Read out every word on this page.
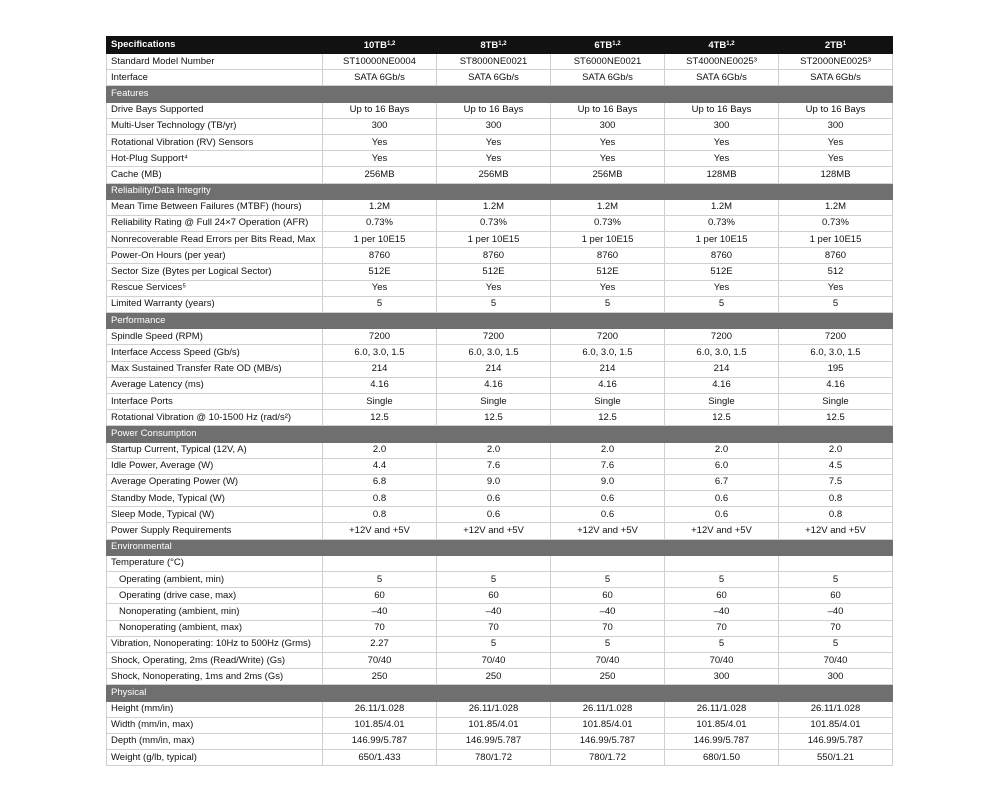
Specifications	10TB$^{1,2}$	8TB$^{1,2}$	6TB$^{1,2}$	4TB$^{1,2}$	$2TB^1$
Standard Model Number	ST10000NE0004	ST8000NE0021	ST6000NE0021	ST4000NE0025³	ST2000NE0025³
Interface	SATA 6Gb/s	SATA 6Gb/s	SATA 6Gb/s	SATA 6Gb/s	SATA 6Gb/s
Features					
Drive Bays Supported	Up to 16 Bays	Up to 16 Bays	Up to 16 Bays	Up to 16 Bays	Up to 16 Bays
Multi-User Technology (TB/yr)	300	300	300	300	300
Rotational Vibration (RV) Sensors	Yes	Yes	Yes	Yes	Yes
Hot-Plug Support⁴	Yes	Yes	Yes	Yes	Yes
Cache (MB)	256MB	256MB	256MB	128MB	128MB
Reliability/Data Integrity					
Mean Time Between Failures (MTBF) (hours)	1.2M	1.2M	1.2M	1.2M	1.2M
Reliability Rating @ Full 24×7 Operation (AFR)	0.73%	0.73%	0.73%	0.73%	0.73%
Nonrecoverable Read Errors per Bits Read, Max	1 per 10E15	1 per 10E15	1 per 10E15	1 per 10E15	1 per 10E15
Power-On Hours (per year)	8760	8760	8760	8760	8760
Sector Size (Bytes per Logical Sector)	512E	512E	512E	512E	512
Rescue Services⁵	Yes	Yes	Yes	Yes	Yes
Limited Warranty (years)	5	5	5	5	5
Performance					
Spindle Speed (RPM)	7200	7200	7200	7200	7200
Interface Access Speed (Gb/s)	6.0, 3.0, 1.5	6.0, 3.0, 1.5	6.0, 3.0, 1.5	6.0, 3.0, 1.5	6.0, 3.0, 1.5
Max Sustained Transfer Rate OD (MB/s)	214	214	214	214	195
Average Latency (ms)	4.16	4.16	4.16	4.16	4.16
Interface Ports	Single	Single	Single	Single	Single
Rotational Vibration @ 10-1500 Hz (rad/s²)	12.5	12.5	12.5	12.5	12.5
Power Consumption					
Startup Current, Typical (12V, A)	2.0	2.0	2.0	2.0	2.0
Idle Power, Average (W)	4.4	7.6	7.6	6.0	4.5
Average Operating Power (W)	6.8	9.0	9.0	6.7	7.5
Standby Mode, Typical (W)	0.8	0.6	0.6	0.6	0.8
Sleep Mode, Typical (W)	0.8	0.6	0.6	0.6	0.8
Power Supply Requirements	+12V and +5V	+12V and +5V	+12V and +5V	+12V and +5V	+12V and +5V
Environmental					
Temperature (°C)					
Operating (ambient, min)	5	5	5	5	5
Operating (drive case, max)	60	60	60	60	60
Nonoperating (ambient, min)	–40	–40	–40	–40	–40
Nonoperating (ambient, max)	70	70	70	70	70
Vibration, Nonoperating: 10Hz to 500Hz (Grms)	2.27	5	5	5	5
Shock, Operating, 2ms (Read/Write) (Gs)	70/40	70/40	70/40	70/40	70/40
Shock, Nonoperating, 1ms and 2ms (Gs)	250	250	250	300	300
Physical					
Height (mm/in)	26.11/1.028	26.11/1.028	26.11/1.028	26.11/1.028	26.11/1.028
Width (mm/in, max)	101.85/4.01	101.85/4.01	101.85/4.01	101.85/4.01	101.85/4.01
Depth (mm/in, max)	146.99/5.787	146.99/5.787	146.99/5.787	146.99/5.787	146.99/5.787
Weight (g/lb, typical)	650/1.433	780/1.72	780/1.72	680/1.50	550/1.21
